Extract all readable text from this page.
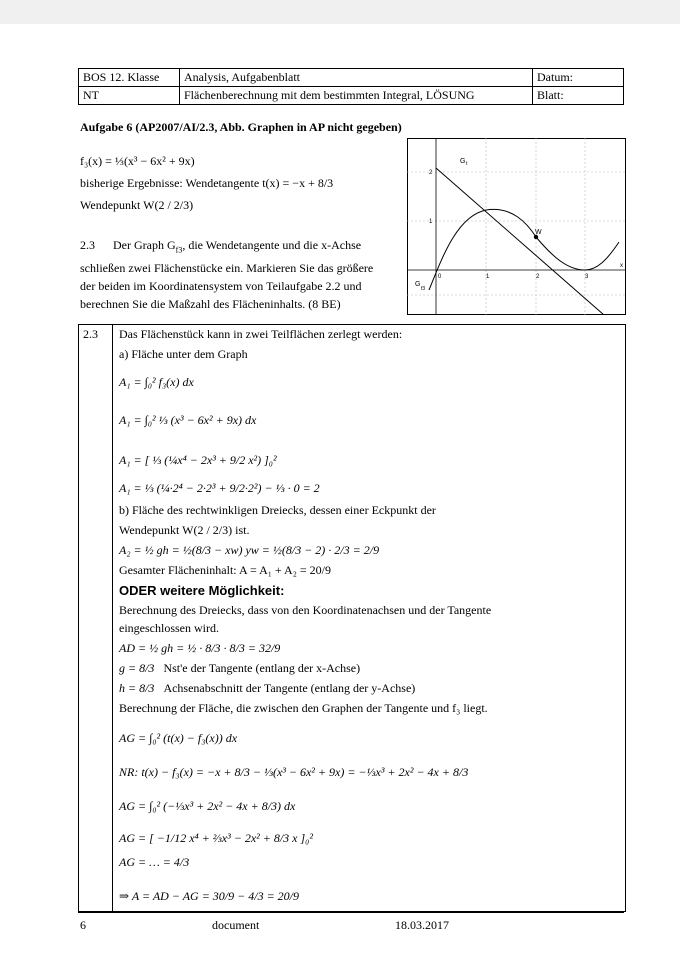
BOS 12. Klasse	Analysis, Aufgabenblatt	Datum:
NT	Flächenberechnung mit dem bestimmten Integral, LÖSUNG	Blatt:
Aufgabe 6 (AP2007/AI/2.3, Abb. Graphen in AP nicht gegeben)
f₃(x) = ⅓(x³ − 6x² + 9x)
bisherige Ergebnisse: Wendetangente t(x) = −x + 8/3
Wendepunkt W(2 / 2/3)
2.3 Der Graph $G_{f3}$, die Wendetangente und die x-Achse
schließen zwei Flächenstücke ein. Markieren Sie das größere
der beiden im Koordinatensystem von Teilaufgabe 2.2 und
berechnen Sie die Maßzahl des Flächeninhalts. (8 BE)
W
G t
G
f3
0	1	2	3
1
2
x
2.3	Das Flächenstück kann in zwei Teilflächen zerlegt werden:
a) Fläche unter dem Graph
A₁ = ∫₀² f₃(x) dx
A₁ = ∫₀² ⅓ (x³ − 6x² + 9x) dx
A₁ = [ ⅓ (¼x⁴ − 2x³ + 9/2 x²) ]₀²
A₁ = ⅓ (¼·2⁴ − 2·2³ + 9/2·2²) − ⅓ · 0 = 2
b) Fläche des rechtwinkligen Dreiecks, dessen einer Eckpunkt der
Wendepunkt W(2 / 2/3) ist.
A₂ = ½ gh = ½(8/3 − xw) yw = ½(8/3 − 2) · 2/3 = 2/9
Gesamter Flächeninhalt: A = A₁ + A₂ = 20/9
ODER weitere Möglichkeit:
Berechnung des Dreiecks, dass von den Koordinatenachsen und der Tangente
eingeschlossen wird.
AD = ½ gh = ½ · 8/3 · 8/3 = 32/9
g = 8/3 Nst'e der Tangente (entlang der x-Achse)
h = 8/3 Achsenabschnitt der Tangente (entlang der y-Achse)
Berechnung der Fläche, die zwischen den Graphen der Tangente und f₃ liegt.
AG = ∫₀² (t(x) − f₃(x)) dx
NR: t(x) − f₃(x) = −x + 8/3 − ⅓(x³ − 6x² + 9x) = −⅓x³ + 2x² − 4x + 8/3
AG = ∫₀² (−⅓x³ + 2x² − 4x + 8/3) dx
AG = [ −1/12 x⁴ + ⅔x³ − 2x² + 8/3 x ]₀²
AG = … = 4/3
⇒ A = AD − AG = 30/9 − 4/3 = 20/9
6	document	18.03.2017
